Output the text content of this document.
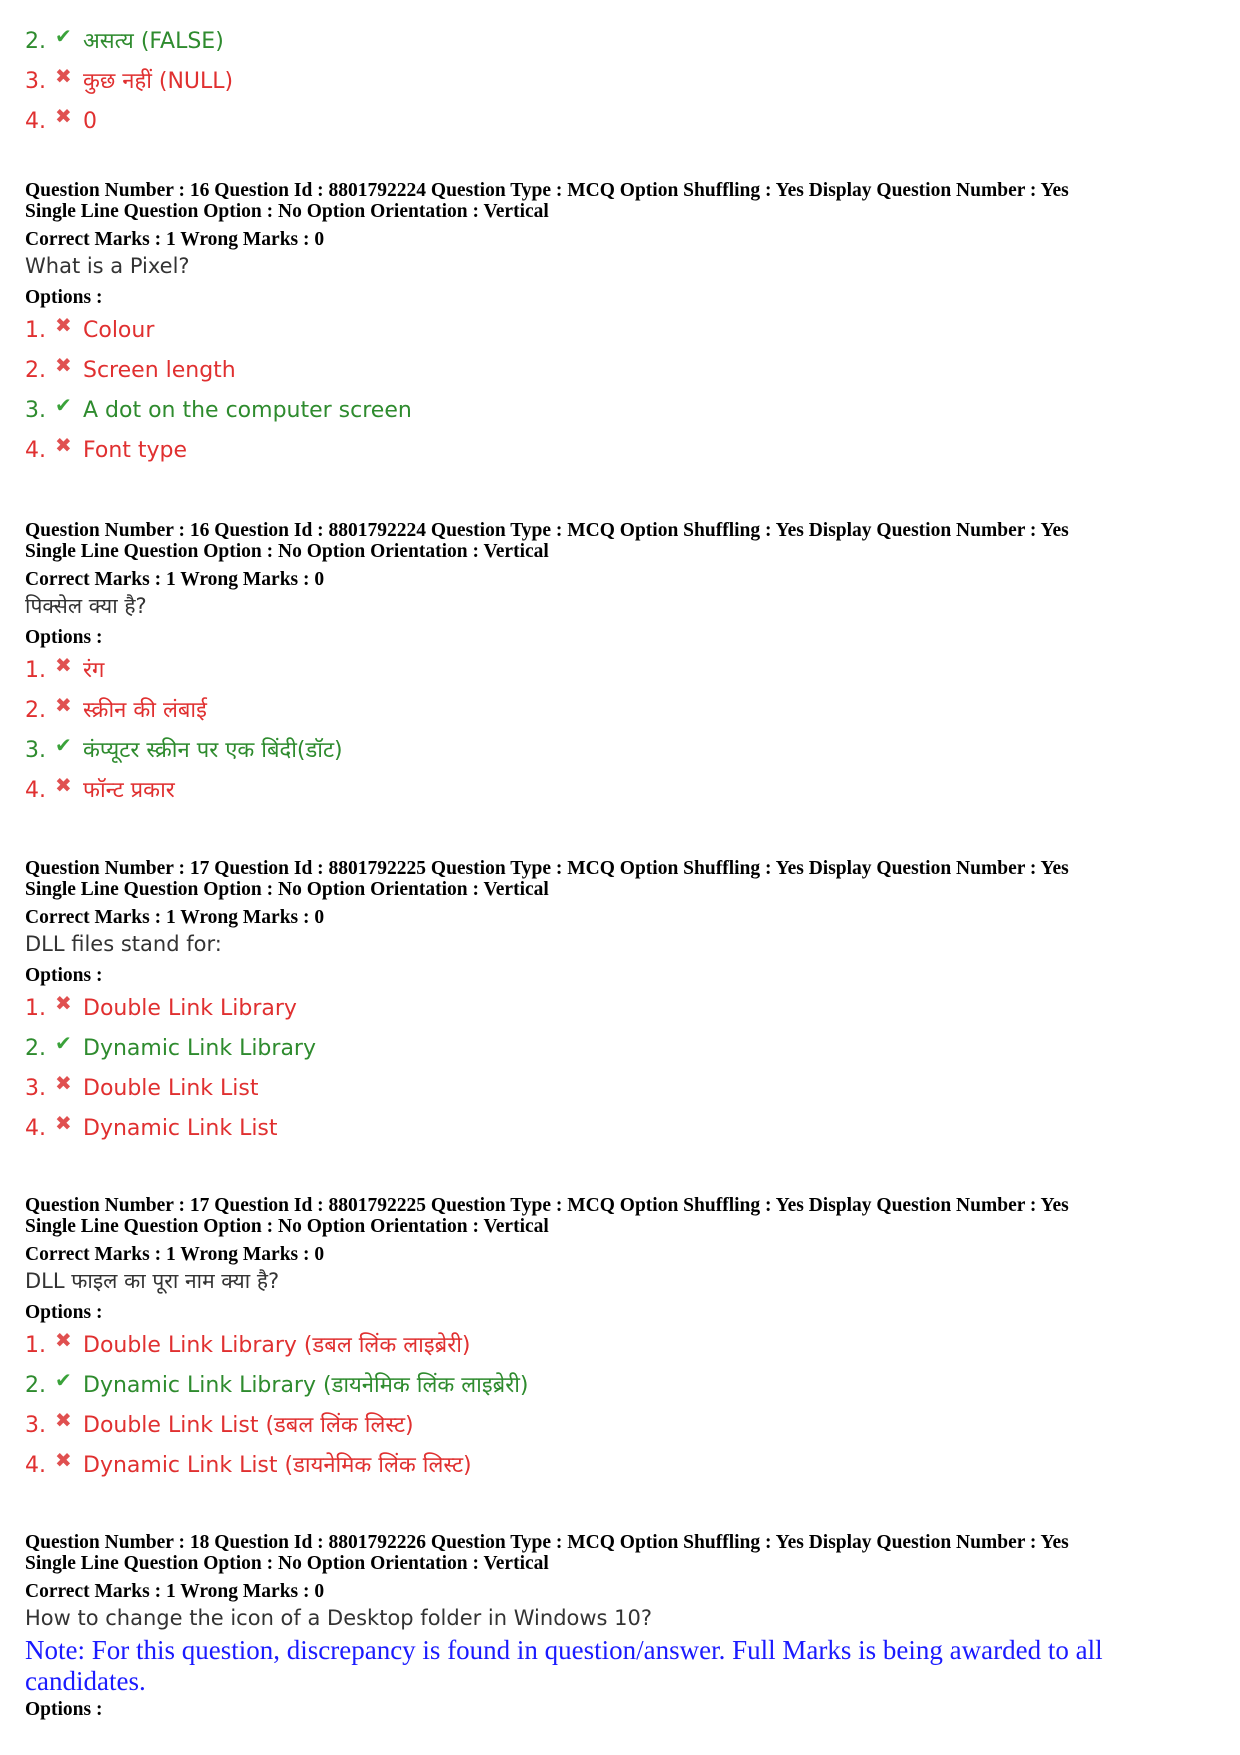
2. ✔ असत्य (FALSE)
3. ✖ कुछ नहीं (NULL)
4. ✖ 0
Question Number : 16 Question Id : 8801792224 Question Type : MCQ Option Shuffling : Yes Display Question Number : Yes
Single Line Question Option : No Option Orientation : Vertical
Correct Marks : 1 Wrong Marks : 0
What is a Pixel?
Options :
1. ✖ Colour
2. ✖ Screen length
3. ✔ A dot on the computer screen
4. ✖ Font type
Question Number : 16 Question Id : 8801792224 Question Type : MCQ Option Shuffling : Yes Display Question Number : Yes
Single Line Question Option : No Option Orientation : Vertical
Correct Marks : 1 Wrong Marks : 0
पिक्सेल क्या है?
Options :
1. ✖ रंग
2. ✖ स्क्रीन की लंबाई
3. ✔ कंप्यूटर स्क्रीन पर एक बिंदी(डॉट)
4. ✖ फॉन्ट प्रकार
Question Number : 17 Question Id : 8801792225 Question Type : MCQ Option Shuffling : Yes Display Question Number : Yes
Single Line Question Option : No Option Orientation : Vertical
Correct Marks : 1 Wrong Marks : 0
DLL files stand for:
Options :
1. ✖ Double Link Library
2. ✔ Dynamic Link Library
3. ✖ Double Link List
4. ✖ Dynamic Link List
Question Number : 17 Question Id : 8801792225 Question Type : MCQ Option Shuffling : Yes Display Question Number : Yes
Single Line Question Option : No Option Orientation : Vertical
Correct Marks : 1 Wrong Marks : 0
DLL फाइल का पूरा नाम क्या है?
Options :
1. ✖ Double Link Library (डबल लिंक लाइब्रेरी)
2. ✔ Dynamic Link Library (डायनेमिक लिंक लाइब्रेरी)
3. ✖ Double Link List (डबल लिंक लिस्ट)
4. ✖ Dynamic Link List (डायनेमिक लिंक लिस्ट)
Question Number : 18 Question Id : 8801792226 Question Type : MCQ Option Shuffling : Yes Display Question Number : Yes
Single Line Question Option : No Option Orientation : Vertical
Correct Marks : 1 Wrong Marks : 0
How to change the icon of a Desktop folder in Windows 10?
Note: For this question, discrepancy is found in question/answer. Full Marks is being awarded to all candidates.
Options :
